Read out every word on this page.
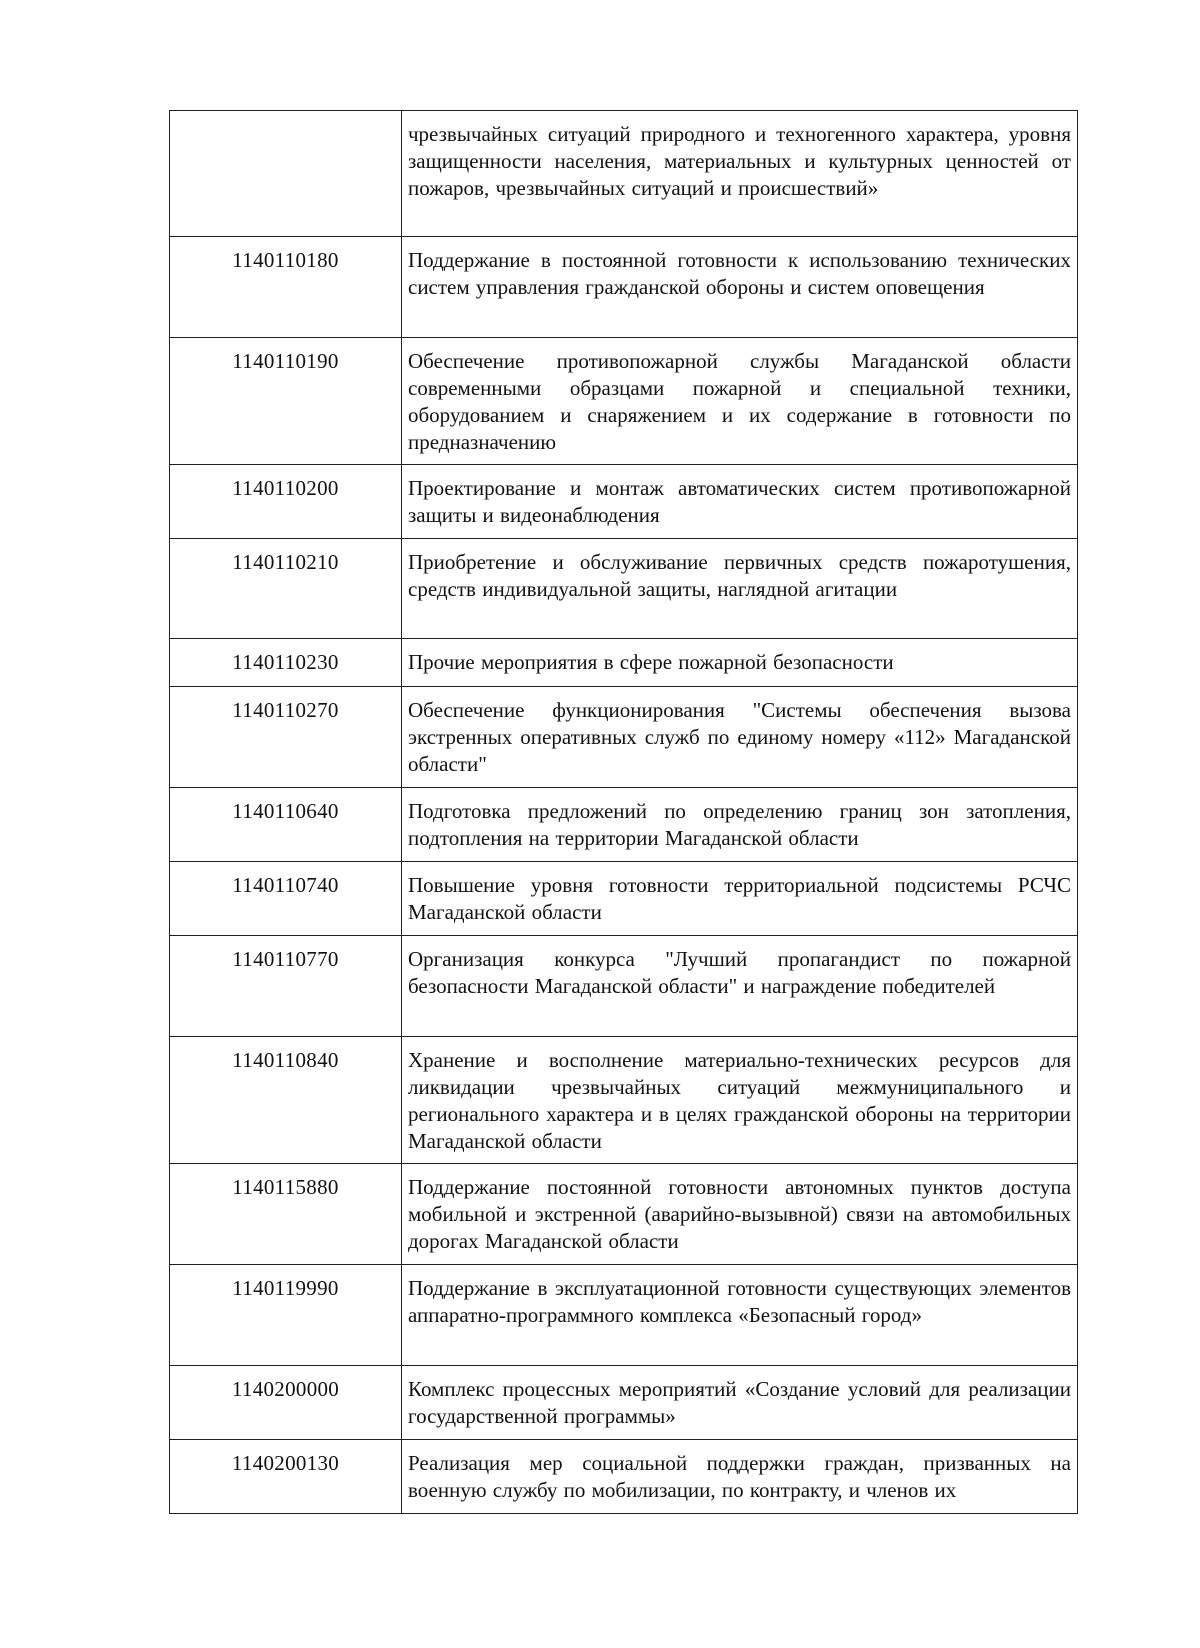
	чрезвычайных ситуаций природного и техногенного характера, уровня защищенности населения, материальных и культурных ценностей от пожаров, чрезвычайных ситуаций и происшествий»
1140110180	Поддержание в постоянной готовности к использованию технических систем управления гражданской обороны и систем оповещения
1140110190	Обеспечение противопожарной службы Магаданской области современными образцами пожарной и специальной техники, оборудованием и снаряжением и их содержание в готовности по предназначению
1140110200	Проектирование и монтаж автоматических систем противопожарной защиты и видеонаблюдения
1140110210	Приобретение и обслуживание первичных средств пожаротушения, средств индивидуальной защиты, наглядной агитации
1140110230	Прочие мероприятия в сфере пожарной безопасности
1140110270	Обеспечение функционирования "Системы обеспечения вызова экстренных оперативных служб по единому номеру «112» Магаданской области"
1140110640	Подготовка предложений по определению границ зон затопления, подтопления на территории Магаданской области
1140110740	Повышение уровня готовности территориальной подсистемы РСЧС Магаданской области
1140110770	Организация конкурса "Лучший пропагандист по пожарной безопасности Магаданской области" и награждение победителей
1140110840	Хранение и восполнение материально-технических ресурсов для ликвидации чрезвычайных ситуаций межмуниципального и регионального характера и в целях гражданской обороны на территории Магаданской области
1140115880	Поддержание постоянной готовности автономных пунктов доступа мобильной и экстренной (аварийно-вызывной) связи на автомобильных дорогах Магаданской области
1140119990	Поддержание в эксплуатационной готовности существующих элементов аппаратно-программного комплекса «Безопасный город»
1140200000	Комплекс процессных мероприятий «Создание условий для реализации государственной программы»
1140200130	Реализация мер социальной поддержки граждан, призванных на военную службу по мобилизации, по контракту, и членов их
